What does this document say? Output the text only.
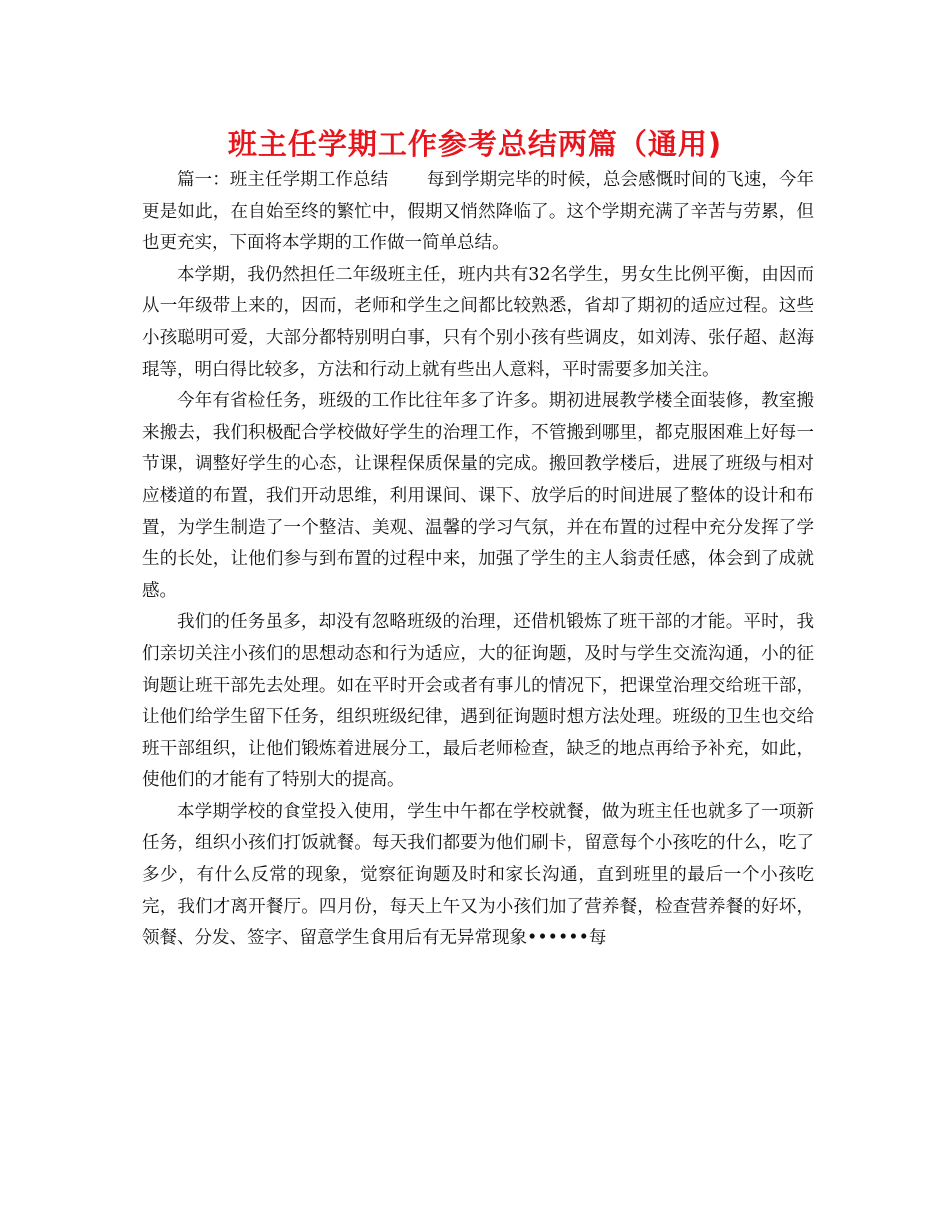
班主任学期工作参考总结两篇（通用)

篇一：班主任学期工作总结 每到学期完毕的时候，总会感慨时间的飞速，今年更是如此，在自始至终的繁忙中，假期又悄然降临了。这个学期充满了辛苦与劳累，但也更充实，下面将本学期的工作做一简单总结。

本学期，我仍然担任二年级班主任，班内共有32名学生，男女生比例平衡，由因而从一年级带上来的，因而，老师和学生之间都比较熟悉，省却了期初的适应过程。这些小孩聪明可爱，大部分都特别明白事，只有个别小孩有些调皮，如刘涛、张仔超、赵海琨等，明白得比较多，方法和行动上就有些出人意料，平时需要多加关注。

今年有省检任务，班级的工作比往年多了许多。期初进展教学楼全面装修，教室搬来搬去，我们积极配合学校做好学生的治理工作，不管搬到哪里，都克服困难上好每一节课，调整好学生的心态，让课程保质保量的完成。搬回教学楼后，进展了班级与相对应楼道的布置，我们开动思维，利用课间、课下、放学后的时间进展了整体的设计和布置，为学生制造了一个整洁、美观、温馨的学习气氛，并在布置的过程中充分发挥了学生的长处，让他们参与到布置的过程中来，加强了学生的主人翁责任感，体会到了成就感。

我们的任务虽多，却没有忽略班级的治理，还借机锻炼了班干部的才能。平时，我们亲切关注小孩们的思想动态和行为适应，大的征询题，及时与学生交流沟通，小的征询题让班干部先去处理。如在平时开会或者有事儿的情况下，把课堂治理交给班干部，让他们给学生留下任务，组织班级纪律，遇到征询题时想方法处理。班级的卫生也交给班干部组织，让他们锻炼着进展分工，最后老师检查，缺乏的地点再给予补充，如此，使他们的才能有了特别大的提高。

本学期学校的食堂投入使用，学生中午都在学校就餐，做为班主任也就多了一项新任务，组织小孩们打饭就餐。每天我们都要为他们刷卡，留意每个小孩吃的什么，吃了多少，有什么反常的现象，觉察征询题及时和家长沟通，直到班里的最后一个小孩吃完，我们才离开餐厅。四月份，每天上午又为小孩们加了营养餐，检查营养餐的好坏，领餐、分发、签字、留意学生食用后有无异常现象••••••每
